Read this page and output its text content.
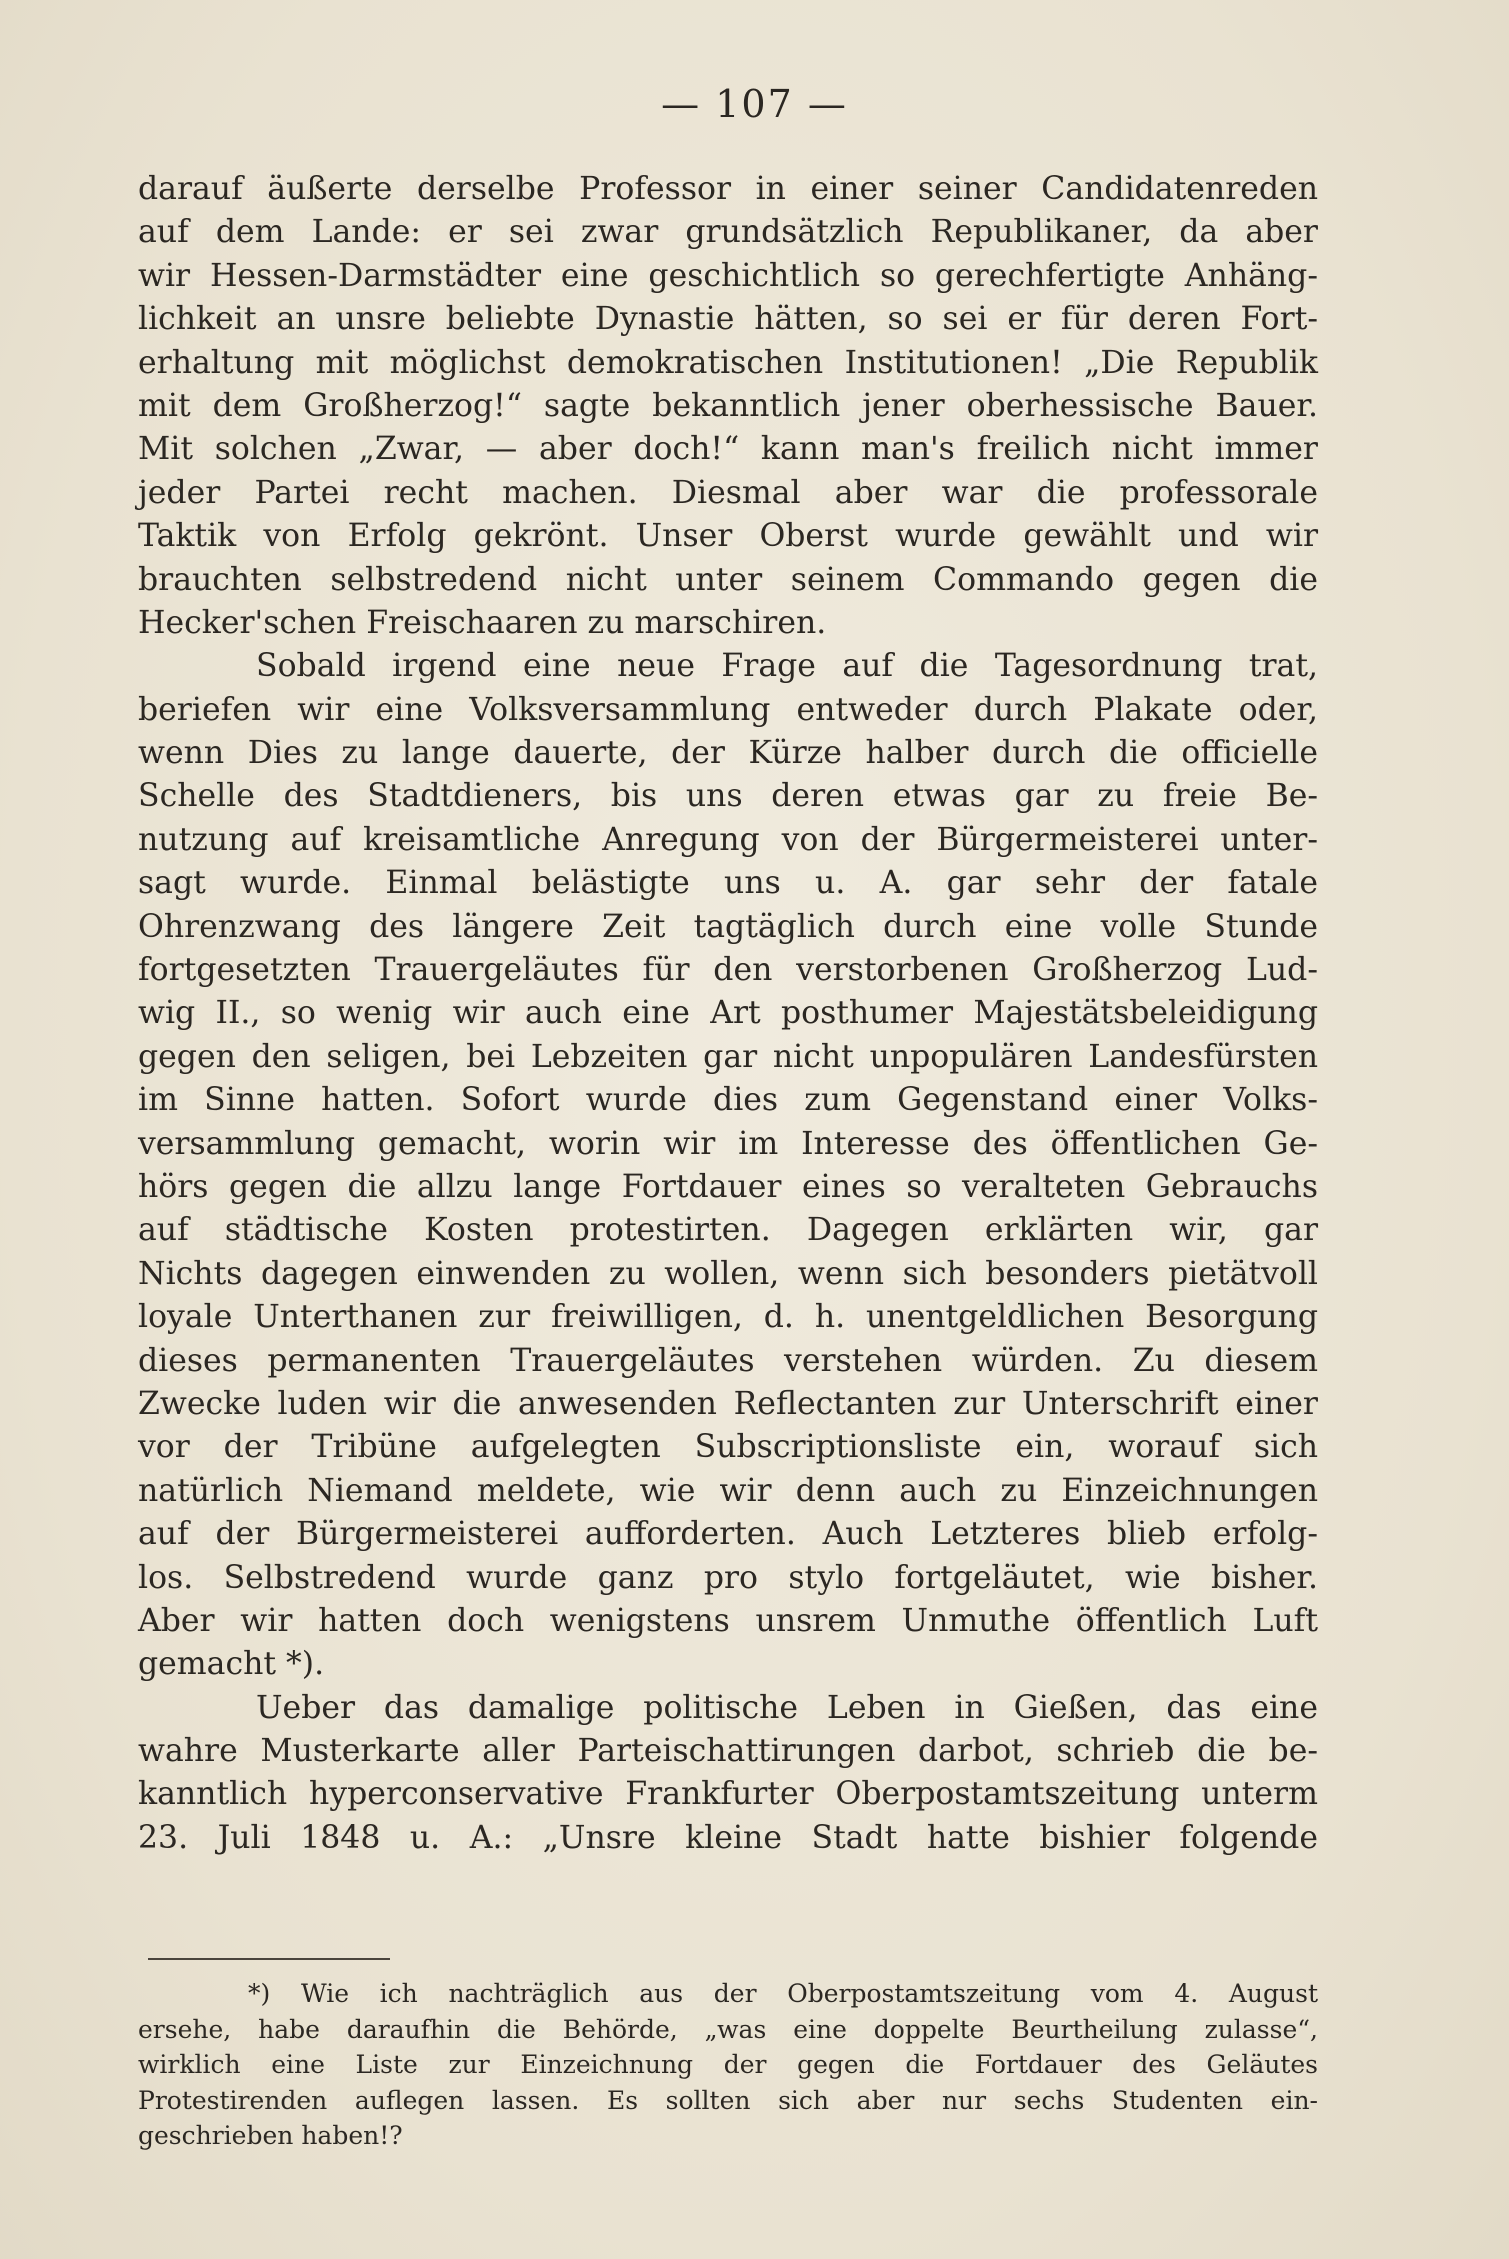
— 107 —
darauf äußerte derselbe Professor in einer seiner Candidatenreden
auf dem Lande: er sei zwar grundsätzlich Republikaner, da aber
wir Hessen-Darmstädter eine geschichtlich so gerechfertigte Anhäng-
lichkeit an unsre beliebte Dynastie hätten, so sei er für deren Fort-
erhaltung mit möglichst demokratischen Institutionen! „Die Republik
mit dem Großherzog!“ sagte bekanntlich jener oberhessische Bauer.
Mit solchen „Zwar, — aber doch!“ kann man's freilich nicht immer
jeder Partei recht machen. Diesmal aber war die professorale
Taktik von Erfolg gekrönt. Unser Oberst wurde gewählt und wir
brauchten selbstredend nicht unter seinem Commando gegen die
Hecker'schen Freischaaren zu marschiren.
Sobald irgend eine neue Frage auf die Tagesordnung trat,
beriefen wir eine Volksversammlung entweder durch Plakate oder,
wenn Dies zu lange dauerte, der Kürze halber durch die officielle
Schelle des Stadtdieners, bis uns deren etwas gar zu freie Be-
nutzung auf kreisamtliche Anregung von der Bürgermeisterei unter-
sagt wurde. Einmal belästigte uns u. A. gar sehr der fatale
Ohrenzwang des längere Zeit tagtäglich durch eine volle Stunde
fortgesetzten Trauergeläutes für den verstorbenen Großherzog Lud-
wig II., so wenig wir auch eine Art posthumer Majestätsbeleidigung
gegen den seligen, bei Lebzeiten gar nicht unpopulären Landesfürsten
im Sinne hatten. Sofort wurde dies zum Gegenstand einer Volks-
versammlung gemacht, worin wir im Interesse des öffentlichen Ge-
hörs gegen die allzu lange Fortdauer eines so veralteten Gebrauchs
auf städtische Kosten protestirten. Dagegen erklärten wir, gar
Nichts dagegen einwenden zu wollen, wenn sich besonders pietätvoll
loyale Unterthanen zur freiwilligen, d. h. unentgeldlichen Besorgung
dieses permanenten Trauergeläutes verstehen würden. Zu diesem
Zwecke luden wir die anwesenden Reflectanten zur Unterschrift einer
vor der Tribüne aufgelegten Subscriptionsliste ein, worauf sich
natürlich Niemand meldete, wie wir denn auch zu Einzeichnungen
auf der Bürgermeisterei aufforderten. Auch Letzteres blieb erfolg-
los. Selbstredend wurde ganz pro stylo fortgeläutet, wie bisher.
Aber wir hatten doch wenigstens unsrem Unmuthe öffentlich Luft
gemacht *).
Ueber das damalige politische Leben in Gießen, das eine
wahre Musterkarte aller Parteischattirungen darbot, schrieb die be-
kanntlich hyperconservative Frankfurter Oberpostamtszeitung unterm
23. Juli 1848 u. A.: „Unsre kleine Stadt hatte bishier folgende
*) Wie ich nachträglich aus der Oberpostamtszeitung vom 4. August
ersehe, habe daraufhin die Behörde, „was eine doppelte Beurtheilung zulasse“,
wirklich eine Liste zur Einzeichnung der gegen die Fortdauer des Geläutes
Protestirenden auflegen lassen. Es sollten sich aber nur sechs Studenten ein-
geschrieben haben!?
